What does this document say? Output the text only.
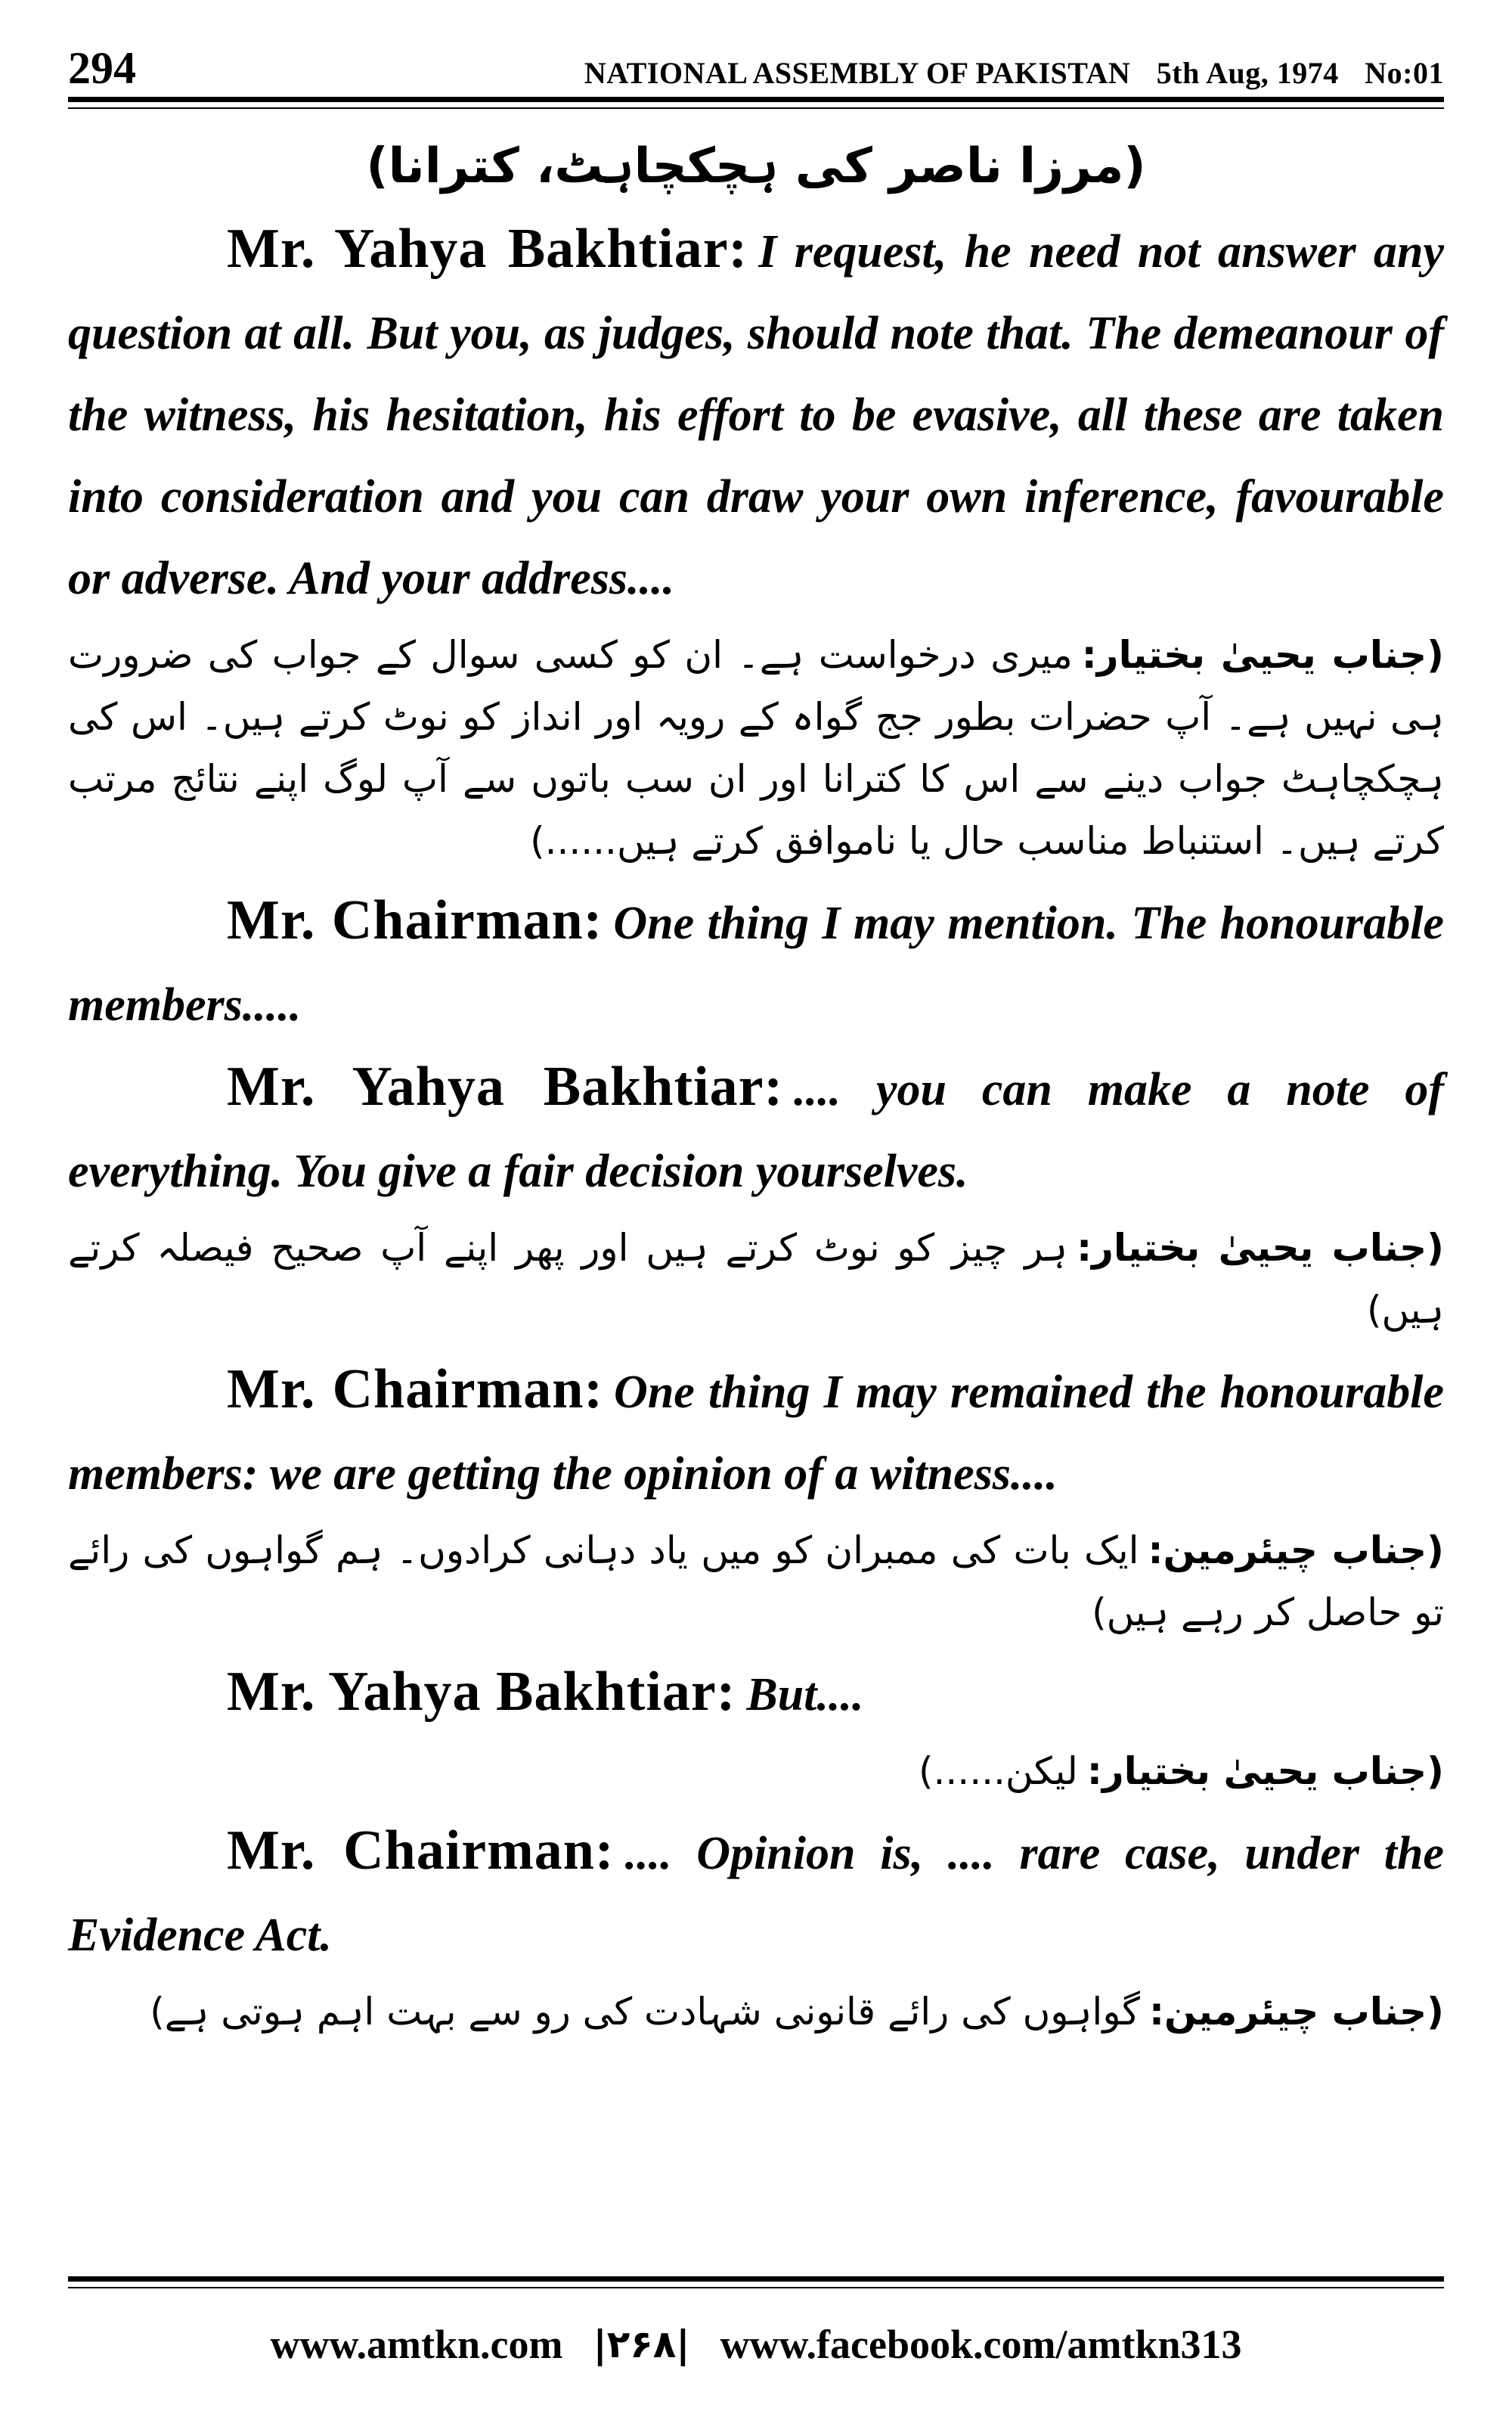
294	NATIONAL ASSEMBLY OF PAKISTAN 5th Aug, 1974 No:01

(مرزا ناصر کی ہچکچاہٹ، کترانا)

Mr. Yahya Bakhtiar: I request, he need not answer any question at all. But you, as judges, should note that. The demeanour of the witness, his hesitation, his effort to be evasive, all these are taken into consideration and you can draw your own inference, favourable or adverse. And your address....

(جناب یحییٰ بختیار:میری درخواست ہے۔ ان کو کسی سوال کے جواب کی ضرورت ہی نہیں ہے۔ آپ حضرات بطور جج گواہ کے رویہ اور انداز کو نوٹ کرتے ہیں۔ اس کی ہچکچاہٹ جواب دینے سے اس کا کترانا اور ان سب باتوں سے آپ لوگ اپنے نتائج مرتب کرتے ہیں۔ استنباط مناسب حال یا ناموافق کرتے ہیں......)

Mr. Chairman: One thing I may mention. The honourable members.....

Mr. Yahya Bakhtiar: .... you can make a note of everything. You give a fair decision yourselves.

(جناب یحییٰ بختیار:ہر چیز کو نوٹ کرتے ہیں اور پھر اپنے آپ صحیح فیصلہ کرتے ہیں)

Mr. Chairman: One thing I may remained the honourable members: we are getting the opinion of a witness....

(جناب چیئرمین:ایک بات کی ممبران کو میں یاد دہانی کرادوں۔ ہم گواہوں کی رائے تو حاصل کر رہے ہیں)

Mr. Yahya Bakhtiar: But....

(جناب یحییٰ بختیار:لیکن......)

Mr. Chairman: .... Opinion is, .... rare case, under the Evidence Act.

(جناب چیئرمین:گواہوں کی رائے قانونی شہادت کی رو سے بہت اہم ہوتی ہے)

www.amtkn.com |۲۶۸| www.facebook.com/amtkn313
